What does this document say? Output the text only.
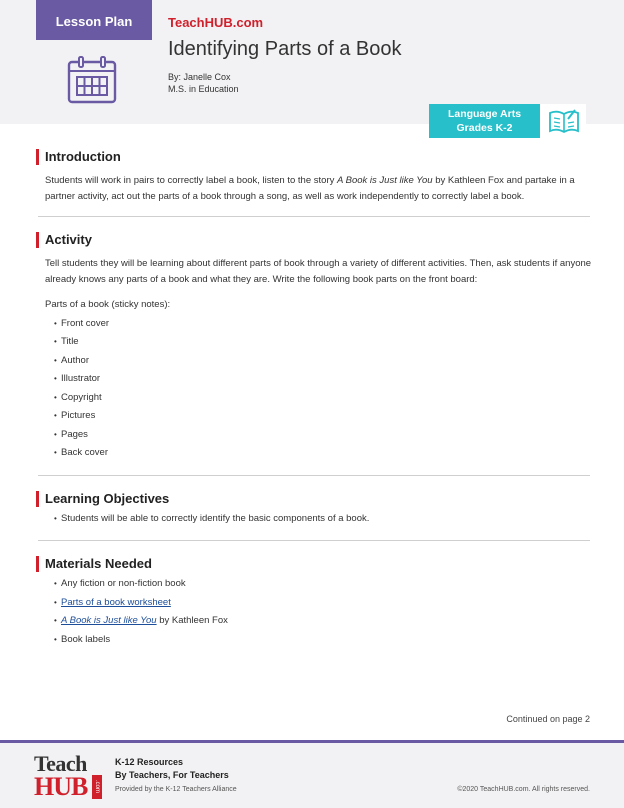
Lesson Plan	TeachHUB.com
Identifying Parts of a Book
By: Janelle Cox
M.S. in Education
Language Arts
Grades K-2
Introduction

Students will work in pairs to correctly label a book, listen to the story A Book is Just like You by Kathleen Fox and partake in a partner activity, act out the parts of a book through a song, as well as work independently to correctly label a book.

Activity

Tell students they will be learning about different parts of book through a variety of different activities. Then, ask students if anyone already knows any parts of a book and what they are. Write the following book parts on the front board:

Parts of a book (sticky notes):

• Front cover
• Title
• Author
• Illustrator
• Copyright
• Pictures
• Pages
• Back cover
Learning Objectives
• Students will be able to correctly identify the basic components of a book.
Materials Needed
• Any fiction or non-fiction book
• Parts of a book worksheet
• A Book is Just like You by Kathleen Fox
• Book labels
Continued on page 2
Teach
HUB	.com
K-12 Resources
By Teachers, For Teachers
Provided by the K-12 Teachers Alliance	©2020 TeachHUB.com. All rights reserved.
